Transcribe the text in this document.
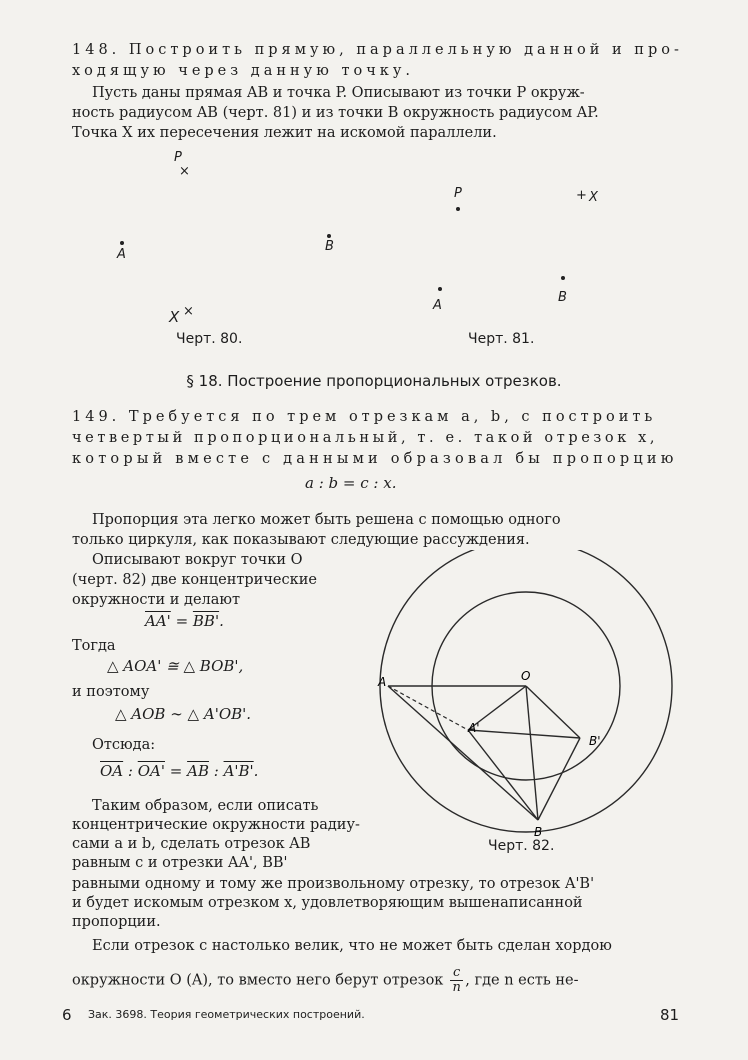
148. Построить прямую, параллельную данной и про-
ходящую через данную точку.
Пусть даны прямая AB и точка P. Описывают из точки P окруж-
ность радиусом AB (черт. 81) и из точки B окружность радиусом AP.
Точка X их пересечения лежит на искомой параллели.
P
×
A
B
X ×
Черт. 80.
P	+ X
A
B
Черт. 81.
§ 18. Построение пропорциональных отрезков.
149. Требуется по трем отрезкам a, b, c построить
четвертый пропорциональный, т. е. такой отрезок x,
который вместе с данными образовал бы пропорцию
a : b = c : x.
Пропорция эта легко может быть решена с помощью одного
только циркуля, как показывают следующие рассуждения.
Описывают вокруг точки O
(черт. 82) две концентрические
окружности и делают
AA' = BB'.
Тогда
△ AOA' ≅ △ BOB',
и поэтому
△ AOB ∼ △ A'OB'.
Отсюда:
$\overline{OA}$ : $OA' = \overline{AB}$ : A'B'.
Таким образом, если описать
концентрические окружности радиу-
сами a и b, сделать отрезок AB
равным c и отрезки AA', BB'
равными одному и тому же произвольному отрезку, то отрезок A'B'
и будет искомым отрезком x, удовлетворяющим вышенаписанной
пропорции.
Если отрезок c настолько велик, что не может быть сделан хордою
окружности O (A), то вместо него берут отрезок $\frac{c}{n}$ , где n есть не-
A	O
A'
B'
B
Черт. 82.
6 Зак. 3698. Теория геометрических построений.	81
